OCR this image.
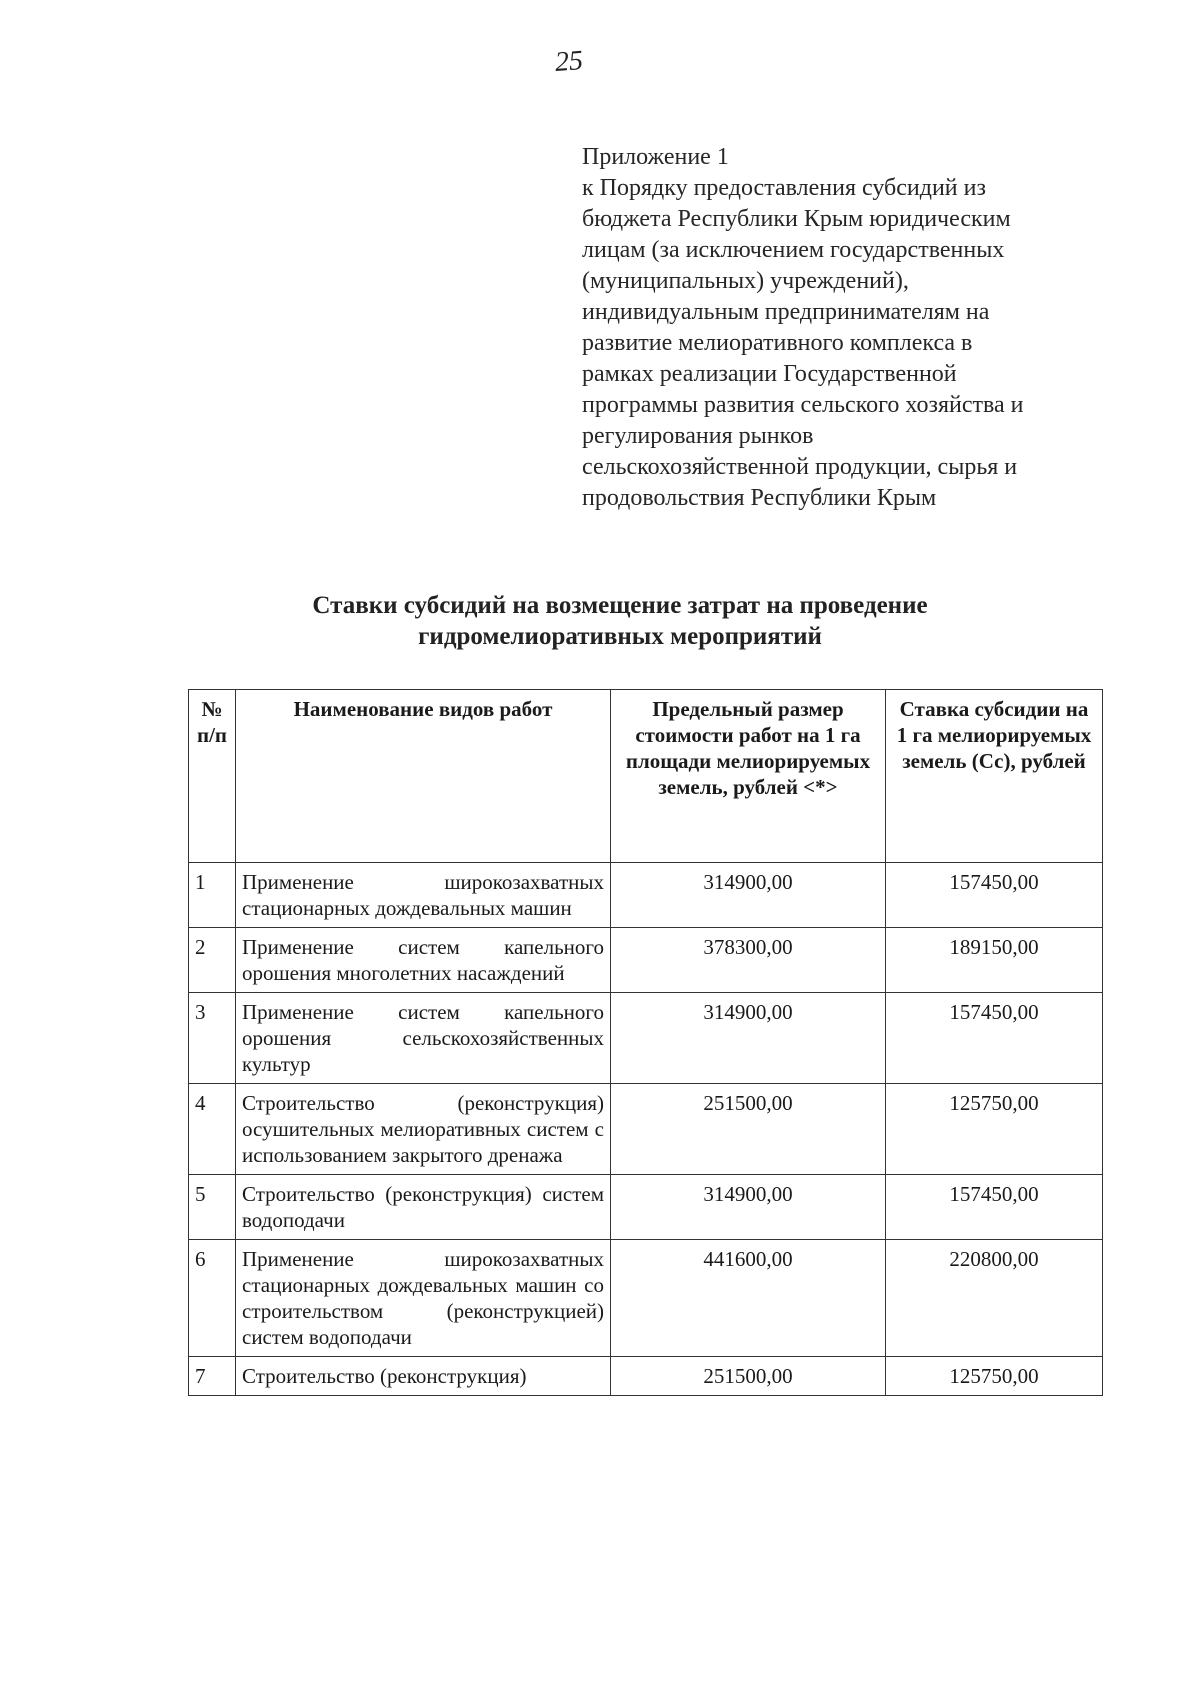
25
Приложение 1
к Порядку предоставления субсидий из
бюджета Республики Крым юридическим
лицам (за исключением государственных
(муниципальных) учреждений),
индивидуальным предпринимателям на
развитие мелиоративного комплекса в
рамках реализации Государственной
программы развития сельского хозяйства и
регулирования рынков
сельскохозяйственной продукции, сырья и
продовольствия Республики Крым
Ставки субсидий на возмещение затрат на проведение
гидромелиоративных мероприятий
№ п/п	Наименование видов работ	Предельный размер стоимости работ на 1 га площади мелиорируемых земель, рублей <*>	Ставка субсидии на 1 га мелиорируемых земель (Сс), рублей
1	Применение широкозахватных стационарных дождевальных машин	314900,00	157450,00
2	Применение систем капельного орошения многолетних насаждений	378300,00	189150,00
3	Применение систем капельного орошения сельскохозяйственных культур	314900,00	157450,00
4	Строительство (реконструкция) осушительных мелиоративных систем с использованием закрытого дренажа	251500,00	125750,00
5	Строительство (реконструкция) систем водоподачи	314900,00	157450,00
6	Применение широкозахватных стационарных дождевальных машин со строительством (реконструкцией) систем водоподачи	441600,00	220800,00
7	Строительство (реконструкция)	251500,00	125750,00
